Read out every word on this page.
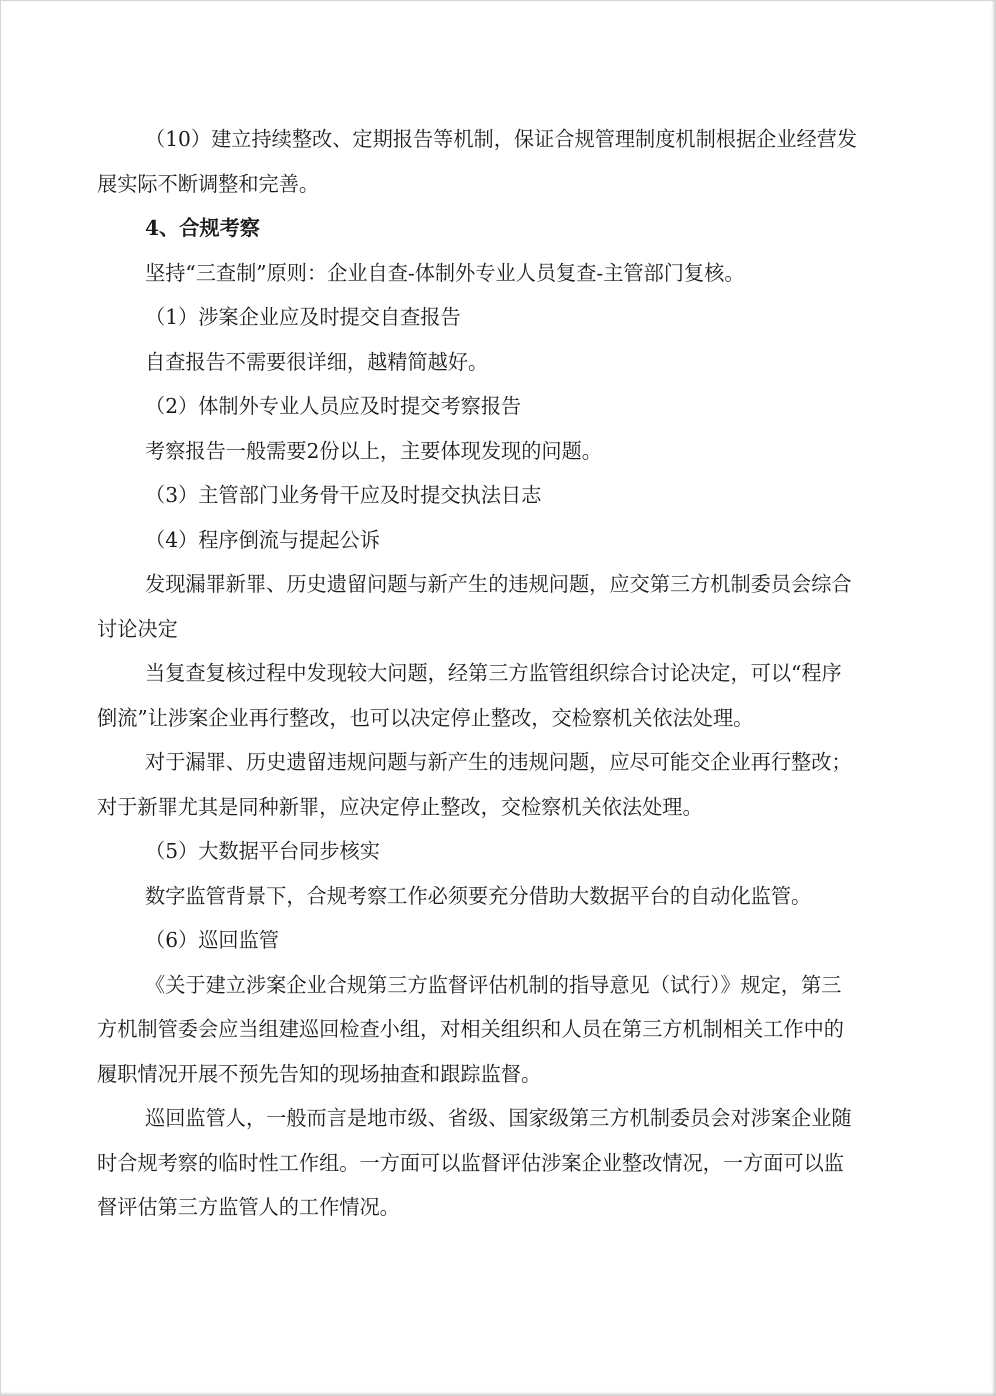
（10）建立持续整改、定期报告等机制，保证合规管理制度机制根据企业经营发

展实际不断调整和完善。

4、合规考察

坚持“三查制”原则：企业自查-体制外专业人员复查-主管部门复核。

（1）涉案企业应及时提交自查报告

自查报告不需要很详细，越精简越好。

（2）体制外专业人员应及时提交考察报告

考察报告一般需要2份以上，主要体现发现的问题。

（3）主管部门业务骨干应及时提交执法日志

（4）程序倒流与提起公诉

发现漏罪新罪、历史遗留问题与新产生的违规问题，应交第三方机制委员会综合

讨论决定

当复查复核过程中发现较大问题，经第三方监管组织综合讨论决定，可以“程序

倒流”让涉案企业再行整改，也可以决定停止整改，交检察机关依法处理。

对于漏罪、历史遗留违规问题与新产生的违规问题，应尽可能交企业再行整改；

对于新罪尤其是同种新罪，应决定停止整改，交检察机关依法处理。

（5）大数据平台同步核实

数字监管背景下，合规考察工作必须要充分借助大数据平台的自动化监管。

（6）巡回监管

《关于建立涉案企业合规第三方监督评估机制的指导意见（试行）》规定，第三

方机制管委会应当组建巡回检查小组，对相关组织和人员在第三方机制相关工作中的

履职情况开展不预先告知的现场抽查和跟踪监督。

巡回监管人，一般而言是地市级、省级、国家级第三方机制委员会对涉案企业随

时合规考察的临时性工作组。一方面可以监督评估涉案企业整改情况，一方面可以监

督评估第三方监管人的工作情况。
